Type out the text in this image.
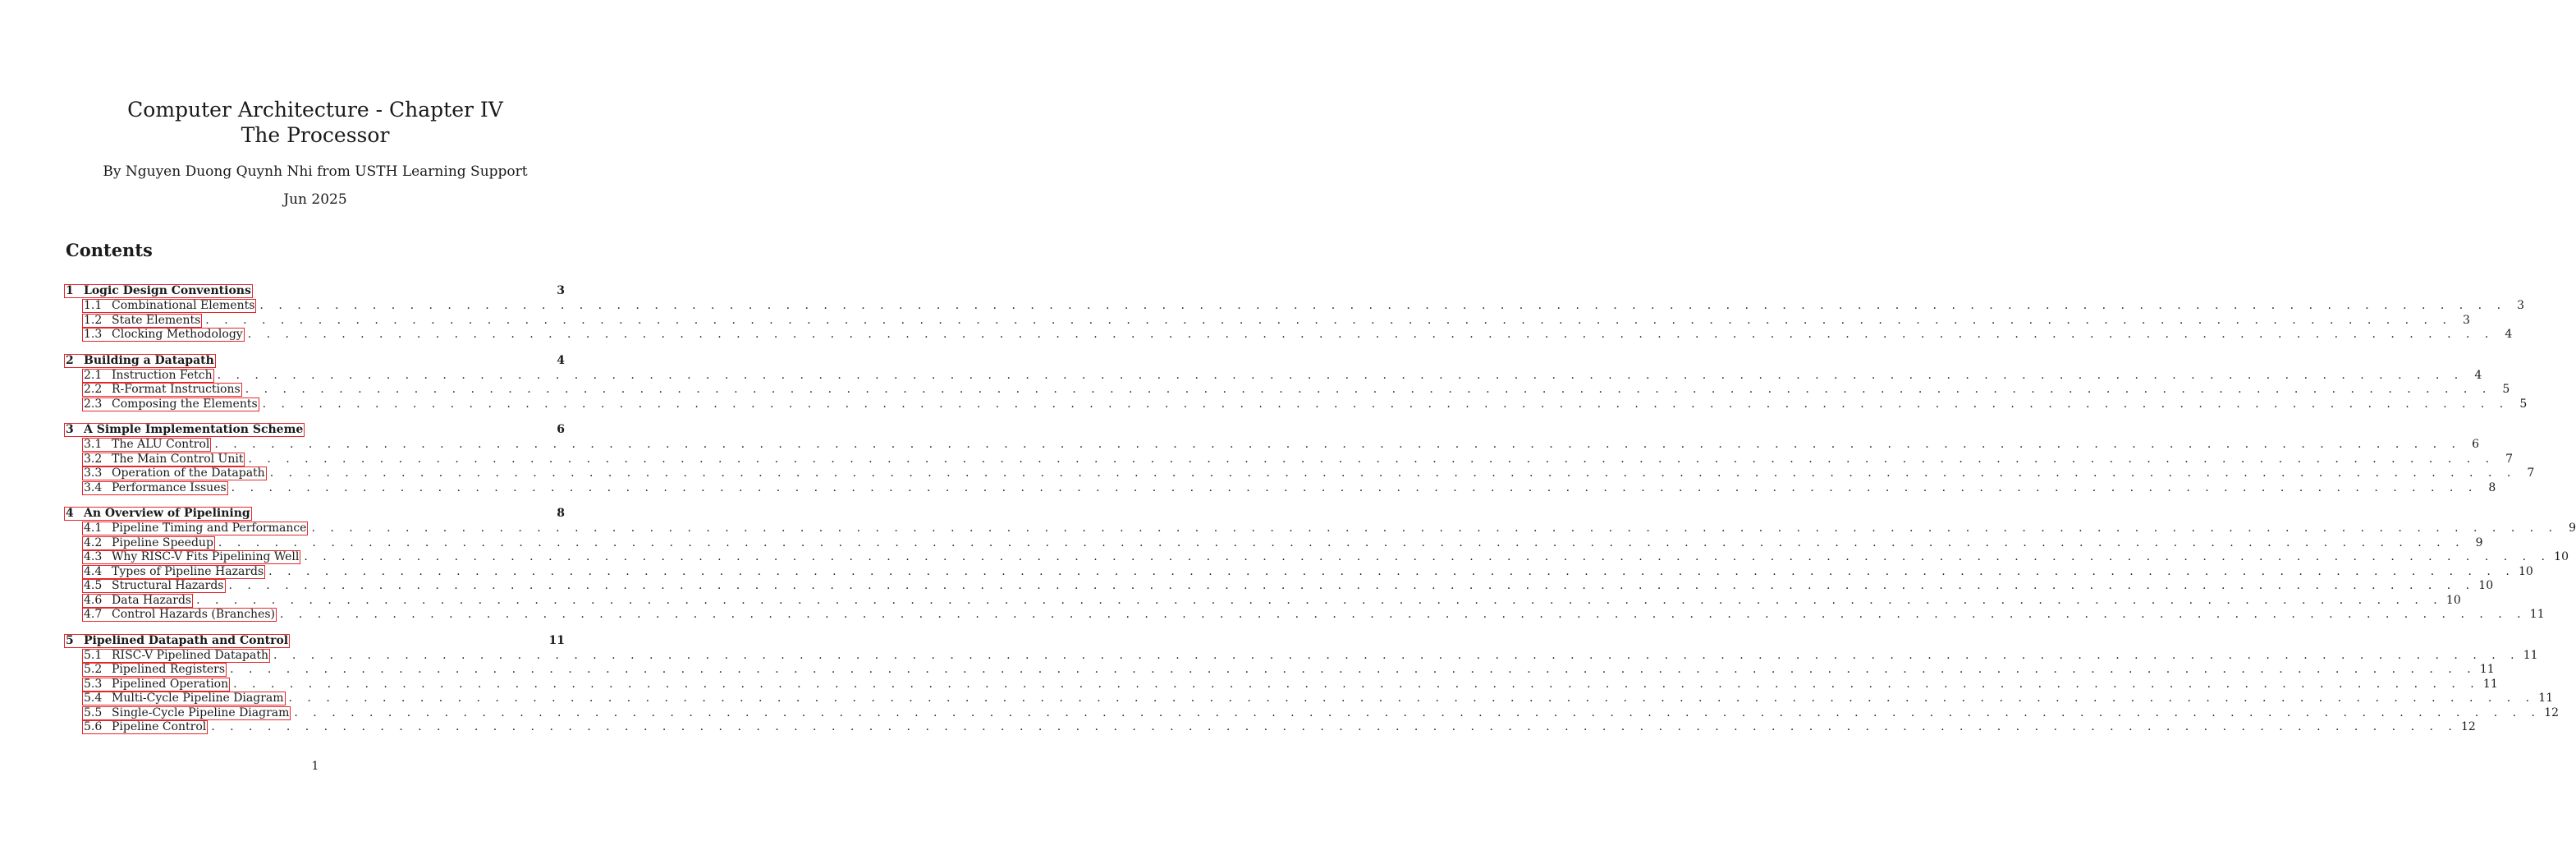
Computer Architecture - Chapter IV
The Processor
By Nguyen Duong Quynh Nhi from USTH Learning Support
Jun 2025
Contents
1 Logic Design Conventions	3
1.1 Combinational Elements . . . . . . . . . . . . . . . . . . . . . . . . . . . . . . . . . . . . . . . . . . . . . . . . . . . . . . . . . . . . . . . . . . . . . . . . . . . . . . . . . . . . . . . . . . . . . . . . . . . . . . . . . . . . . . . . . . . . . . . . 3
1.2 State Elements . . . . . . . . . . . . . . . . . . . . . . . . . . . . . . . . . . . . . . . . . . . . . . . . . . . . . . . . . . . . . . . . . . . . . . . . . . . . . . . . . . . . . . . . . . . . . . . . . . . . . . . . . . . . . . . . . . . . . . . . 3
1.3 Clocking Methodology . . . . . . . . . . . . . . . . . . . . . . . . . . . . . . . . . . . . . . . . . . . . . . . . . . . . . . . . . . . . . . . . . . . . . . . . . . . . . . . . . . . . . . . . . . . . . . . . . . . . . . . . . . . . . . . . . . . . . . . . 4
2 Building a Datapath	4
2.1 Instruction Fetch . . . . . . . . . . . . . . . . . . . . . . . . . . . . . . . . . . . . . . . . . . . . . . . . . . . . . . . . . . . . . . . . . . . . . . . . . . . . . . . . . . . . . . . . . . . . . . . . . . . . . . . . . . . . . . . . . . . . . . . . 4
2.2 R-Format Instructions . . . . . . . . . . . . . . . . . . . . . . . . . . . . . . . . . . . . . . . . . . . . . . . . . . . . . . . . . . . . . . . . . . . . . . . . . . . . . . . . . . . . . . . . . . . . . . . . . . . . . . . . . . . . . . . . . . . . . . . . 5
2.3 Composing the Elements . . . . . . . . . . . . . . . . . . . . . . . . . . . . . . . . . . . . . . . . . . . . . . . . . . . . . . . . . . . . . . . . . . . . . . . . . . . . . . . . . . . . . . . . . . . . . . . . . . . . . . . . . . . . . . . . . . . . . . . . 5
3 A Simple Implementation Scheme	6
3.1 The ALU Control . . . . . . . . . . . . . . . . . . . . . . . . . . . . . . . . . . . . . . . . . . . . . . . . . . . . . . . . . . . . . . . . . . . . . . . . . . . . . . . . . . . . . . . . . . . . . . . . . . . . . . . . . . . . . . . . . . . . . . . . 6
3.2 The Main Control Unit . . . . . . . . . . . . . . . . . . . . . . . . . . . . . . . . . . . . . . . . . . . . . . . . . . . . . . . . . . . . . . . . . . . . . . . . . . . . . . . . . . . . . . . . . . . . . . . . . . . . . . . . . . . . . . . . . . . . . . . . 7
3.3 Operation of the Datapath . . . . . . . . . . . . . . . . . . . . . . . . . . . . . . . . . . . . . . . . . . . . . . . . . . . . . . . . . . . . . . . . . . . . . . . . . . . . . . . . . . . . . . . . . . . . . . . . . . . . . . . . . . . . . . . . . . . . . . . . 7
3.4 Performance Issues . . . . . . . . . . . . . . . . . . . . . . . . . . . . . . . . . . . . . . . . . . . . . . . . . . . . . . . . . . . . . . . . . . . . . . . . . . . . . . . . . . . . . . . . . . . . . . . . . . . . . . . . . . . . . . . . . . . . . . . . 8
4 An Overview of Pipelining	8
4.1 Pipeline Timing and Performance . . . . . . . . . . . . . . . . . . . . . . . . . . . . . . . . . . . . . . . . . . . . . . . . . . . . . . . . . . . . . . . . . . . . . . . . . . . . . . . . . . . . . . . . . . . . . . . . . . . . . . . . . . . . . . . . . . . . . . . . 9
4.2 Pipeline Speedup . . . . . . . . . . . . . . . . . . . . . . . . . . . . . . . . . . . . . . . . . . . . . . . . . . . . . . . . . . . . . . . . . . . . . . . . . . . . . . . . . . . . . . . . . . . . . . . . . . . . . . . . . . . . . . . . . . . . . . . . 9
4.3 Why RISC-V Fits Pipelining Well . . . . . . . . . . . . . . . . . . . . . . . . . . . . . . . . . . . . . . . . . . . . . . . . . . . . . . . . . . . . . . . . . . . . . . . . . . . . . . . . . . . . . . . . . . . . . . . . . . . . . . . . . . . . . . . . . . . . . . . . 10
4.4 Types of Pipeline Hazards . . . . . . . . . . . . . . . . . . . . . . . . . . . . . . . . . . . . . . . . . . . . . . . . . . . . . . . . . . . . . . . . . . . . . . . . . . . . . . . . . . . . . . . . . . . . . . . . . . . . . . . . . . . . . . . . . . . . . . . . 10
4.5 Structural Hazards . . . . . . . . . . . . . . . . . . . . . . . . . . . . . . . . . . . . . . . . . . . . . . . . . . . . . . . . . . . . . . . . . . . . . . . . . . . . . . . . . . . . . . . . . . . . . . . . . . . . . . . . . . . . . . . . . . . . . . . . 10
4.6 Data Hazards . . . . . . . . . . . . . . . . . . . . . . . . . . . . . . . . . . . . . . . . . . . . . . . . . . . . . . . . . . . . . . . . . . . . . . . . . . . . . . . . . . . . . . . . . . . . . . . . . . . . . . . . . . . . . . . . . . . . . . . . 10
4.7 Control Hazards (Branches) . . . . . . . . . . . . . . . . . . . . . . . . . . . . . . . . . . . . . . . . . . . . . . . . . . . . . . . . . . . . . . . . . . . . . . . . . . . . . . . . . . . . . . . . . . . . . . . . . . . . . . . . . . . . . . . . . . . . . . . . 11
5 Pipelined Datapath and Control	11
5.1 RISC-V Pipelined Datapath . . . . . . . . . . . . . . . . . . . . . . . . . . . . . . . . . . . . . . . . . . . . . . . . . . . . . . . . . . . . . . . . . . . . . . . . . . . . . . . . . . . . . . . . . . . . . . . . . . . . . . . . . . . . . . . . . . . . . . . . 11
5.2 Pipelined Registers . . . . . . . . . . . . . . . . . . . . . . . . . . . . . . . . . . . . . . . . . . . . . . . . . . . . . . . . . . . . . . . . . . . . . . . . . . . . . . . . . . . . . . . . . . . . . . . . . . . . . . . . . . . . . . . . . . . . . . . . 11
5.3 Pipelined Operation . . . . . . . . . . . . . . . . . . . . . . . . . . . . . . . . . . . . . . . . . . . . . . . . . . . . . . . . . . . . . . . . . . . . . . . . . . . . . . . . . . . . . . . . . . . . . . . . . . . . . . . . . . . . . . . . . . . . . . . . 11
5.4 Multi-Cycle Pipeline Diagram . . . . . . . . . . . . . . . . . . . . . . . . . . . . . . . . . . . . . . . . . . . . . . . . . . . . . . . . . . . . . . . . . . . . . . . . . . . . . . . . . . . . . . . . . . . . . . . . . . . . . . . . . . . . . . . . . . . . . . . . 11
5.5 Single-Cycle Pipeline Diagram . . . . . . . . . . . . . . . . . . . . . . . . . . . . . . . . . . . . . . . . . . . . . . . . . . . . . . . . . . . . . . . . . . . . . . . . . . . . . . . . . . . . . . . . . . . . . . . . . . . . . . . . . . . . . . . . . . . . . . . . 12
5.6 Pipeline Control . . . . . . . . . . . . . . . . . . . . . . . . . . . . . . . . . . . . . . . . . . . . . . . . . . . . . . . . . . . . . . . . . . . . . . . . . . . . . . . . . . . . . . . . . . . . . . . . . . . . . . . . . . . . . . . . . . . . . . . . 12
1
